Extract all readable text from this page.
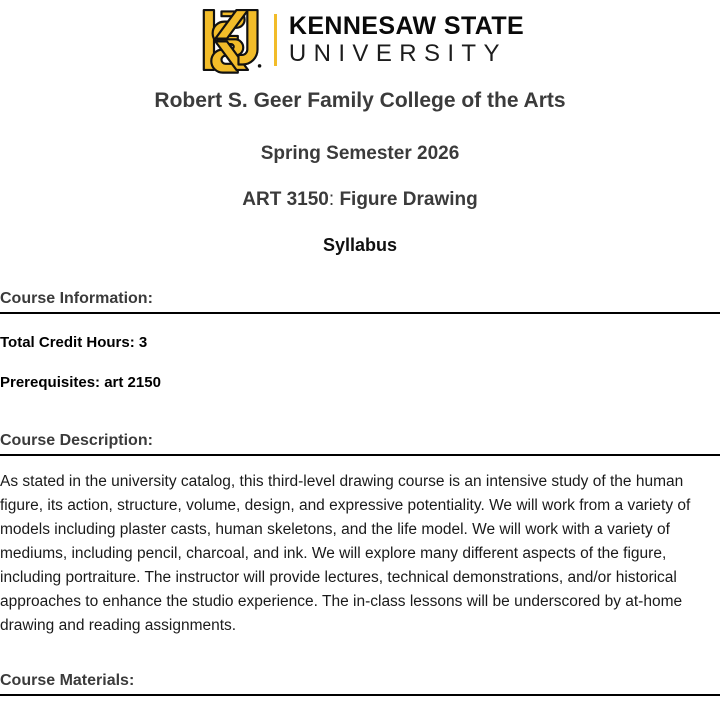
KENNESAW STATE
UNIVERSITY
Robert S. Geer Family College of the Arts
Spring Semester 2026
ART 3150: Figure Drawing
Syllabus
Course Information:

Total Credit Hours: 3

Prerequisites: art 2150

Course Description:

As stated in the university catalog, this third-level drawing course is an intensive study of the human figure, its action, structure, volume, design, and expressive potentiality. We will work from a variety of models including plaster casts, human skeletons, and the life model. We will work with a variety of mediums, including pencil, charcoal, and ink. We will explore many different aspects of the figure, including portraiture. The instructor will provide lectures, technical demonstrations, and/or historical approaches to enhance the studio experience. The in-class lessons will be underscored by at-home drawing and reading assignments.

Course Materials:
